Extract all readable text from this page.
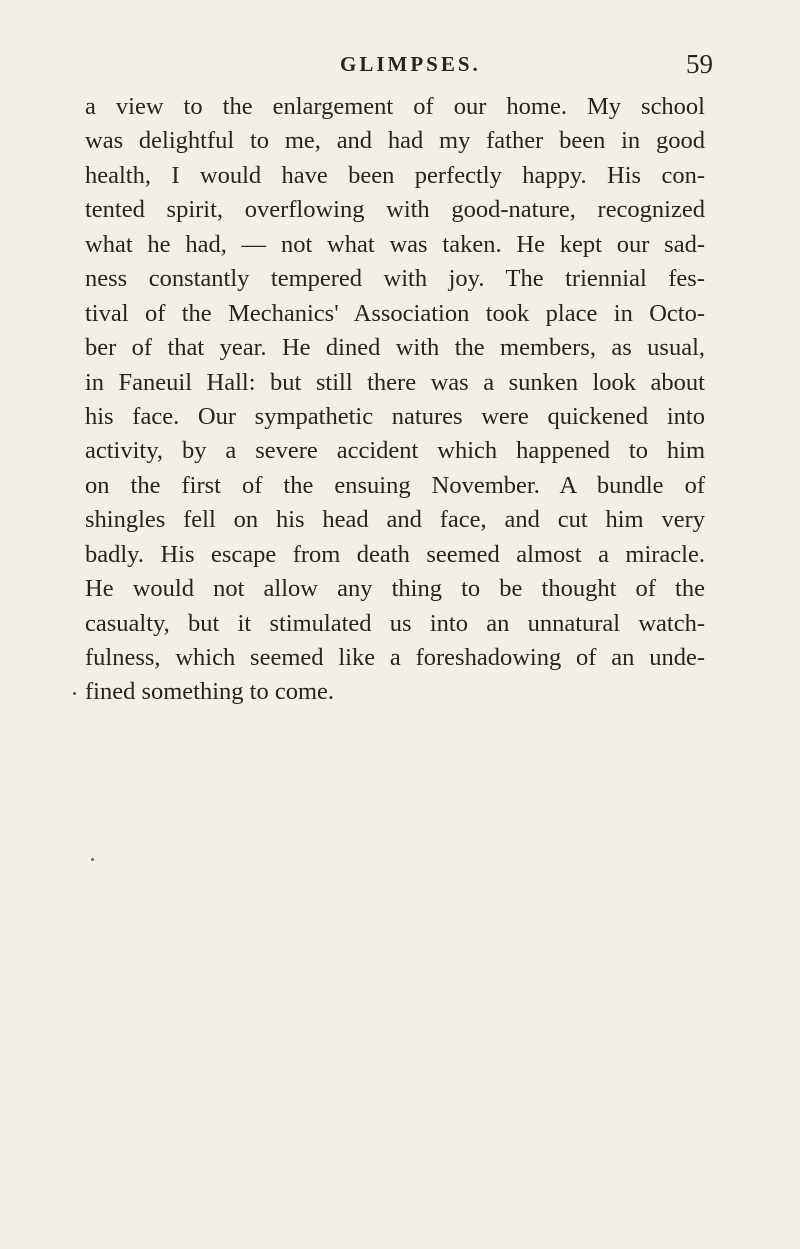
GLIMPSES.	59
a view to the enlargement of our home. My school
was delightful to me, and had my father been in good
health, I would have been perfectly happy. His con-
tented spirit, overflowing with good-nature, recognized
what he had, — not what was taken. He kept our sad-
ness constantly tempered with joy. The triennial fes-
tival of the Mechanics' Association took place in Octo-
ber of that year. He dined with the members, as usual,
in Faneuil Hall: but still there was a sunken look about
his face. Our sympathetic natures were quickened into
activity, by a severe accident which happened to him
on the first of the ensuing November. A bundle of
shingles fell on his head and face, and cut him very
badly. His escape from death seemed almost a miracle.
He would not allow any thing to be thought of the
casualty, but it stimulated us into an unnatural watch-
fulness, which seemed like a foreshadowing of an unde-
fined something to come.
